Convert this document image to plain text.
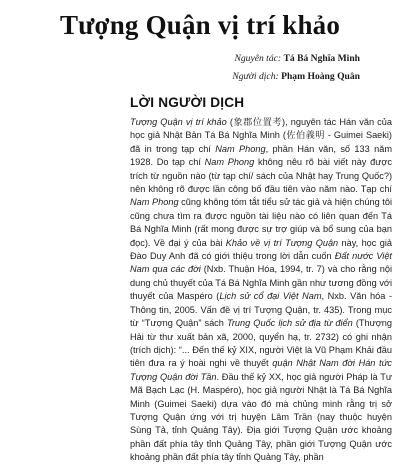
Tượng Quận vị trí khảo
Nguyên tác: Tá Bá Nghĩa Minh
Người dịch: Phạm Hoàng Quân
LỜI NGƯỜI DỊCH

Tượng Quận vị trí khảo (象郡位置考), nguyên tác Hán văn của học giả Nhật Bản Tá Bá Nghĩa Minh (佐伯義明 - Guimei Saeki) đã in trong tạp chí Nam Phong, phần Hán văn, số 133 năm 1928. Do tạp chí Nam Phong không nêu rõ bài viết này được trích từ nguồn nào (từ tạp chí/ sách của Nhật hay Trung Quốc?) nên không rõ được lần công bố đầu tiên vào năm nào. Tạp chí Nam Phong cũng không tóm tắt tiểu sử tác giả và hiện chúng tôi cũng chưa tìm ra được nguồn tài liệu nào có liên quan đến Tá Bá Nghĩa Minh (rất mong được sự trợ giúp và bổ sung của bạn đọc). Về đại ý của bài Khảo về vị trí Tượng Quận này, học giả Đào Duy Anh đã có giới thiệu trong lời dẫn cuốn Đất nước Việt Nam qua các đời (Nxb. Thuận Hóa, 1994, tr. 7) và cho rằng nội dung chủ thuyết của Tá Bá Nghĩa Minh gần như tương đồng với thuyết của Maspéro (Lịch sử cổ đại Việt Nam, Nxb. Văn hóa - Thông tin, 2005. Vấn đề vị trí Tượng Quận, tr. 435). Trong mục từ “Tượng Quận” sách Trung Quốc lịch sử địa từ điển (Thượng Hải từ thư xuất bản xã, 2000, quyển hạ, tr. 2732) có ghi nhận (trích dịch): “... Đến thế kỷ XIX, người Việt là Vũ Phạm Khải đầu tiên đưa ra ý hoài nghi về thuyết quận Nhật Nam đời Hán tức Tượng Quận đời Tần. Đầu thế kỷ XX, học giả người Pháp là Tư Mã Bạch Lạc (H. Maspéro), học giả người Nhật là Tá Bá Nghĩa Minh (Guimei Saeki) dựa vào đó mà chủng minh rằng trị sở Tượng Quận ứng với trị huyện Lâm Trần (nay thuộc huyện Sùng Tả, tỉnh Quảng Tây). Địa giới Tượng Quận ước khoảng phần đất phía tây tỉnh Quảng Tây, phần giới Tượng Quận ước khoảng phần đất phía tây tỉnh Quảng Tây, phần
